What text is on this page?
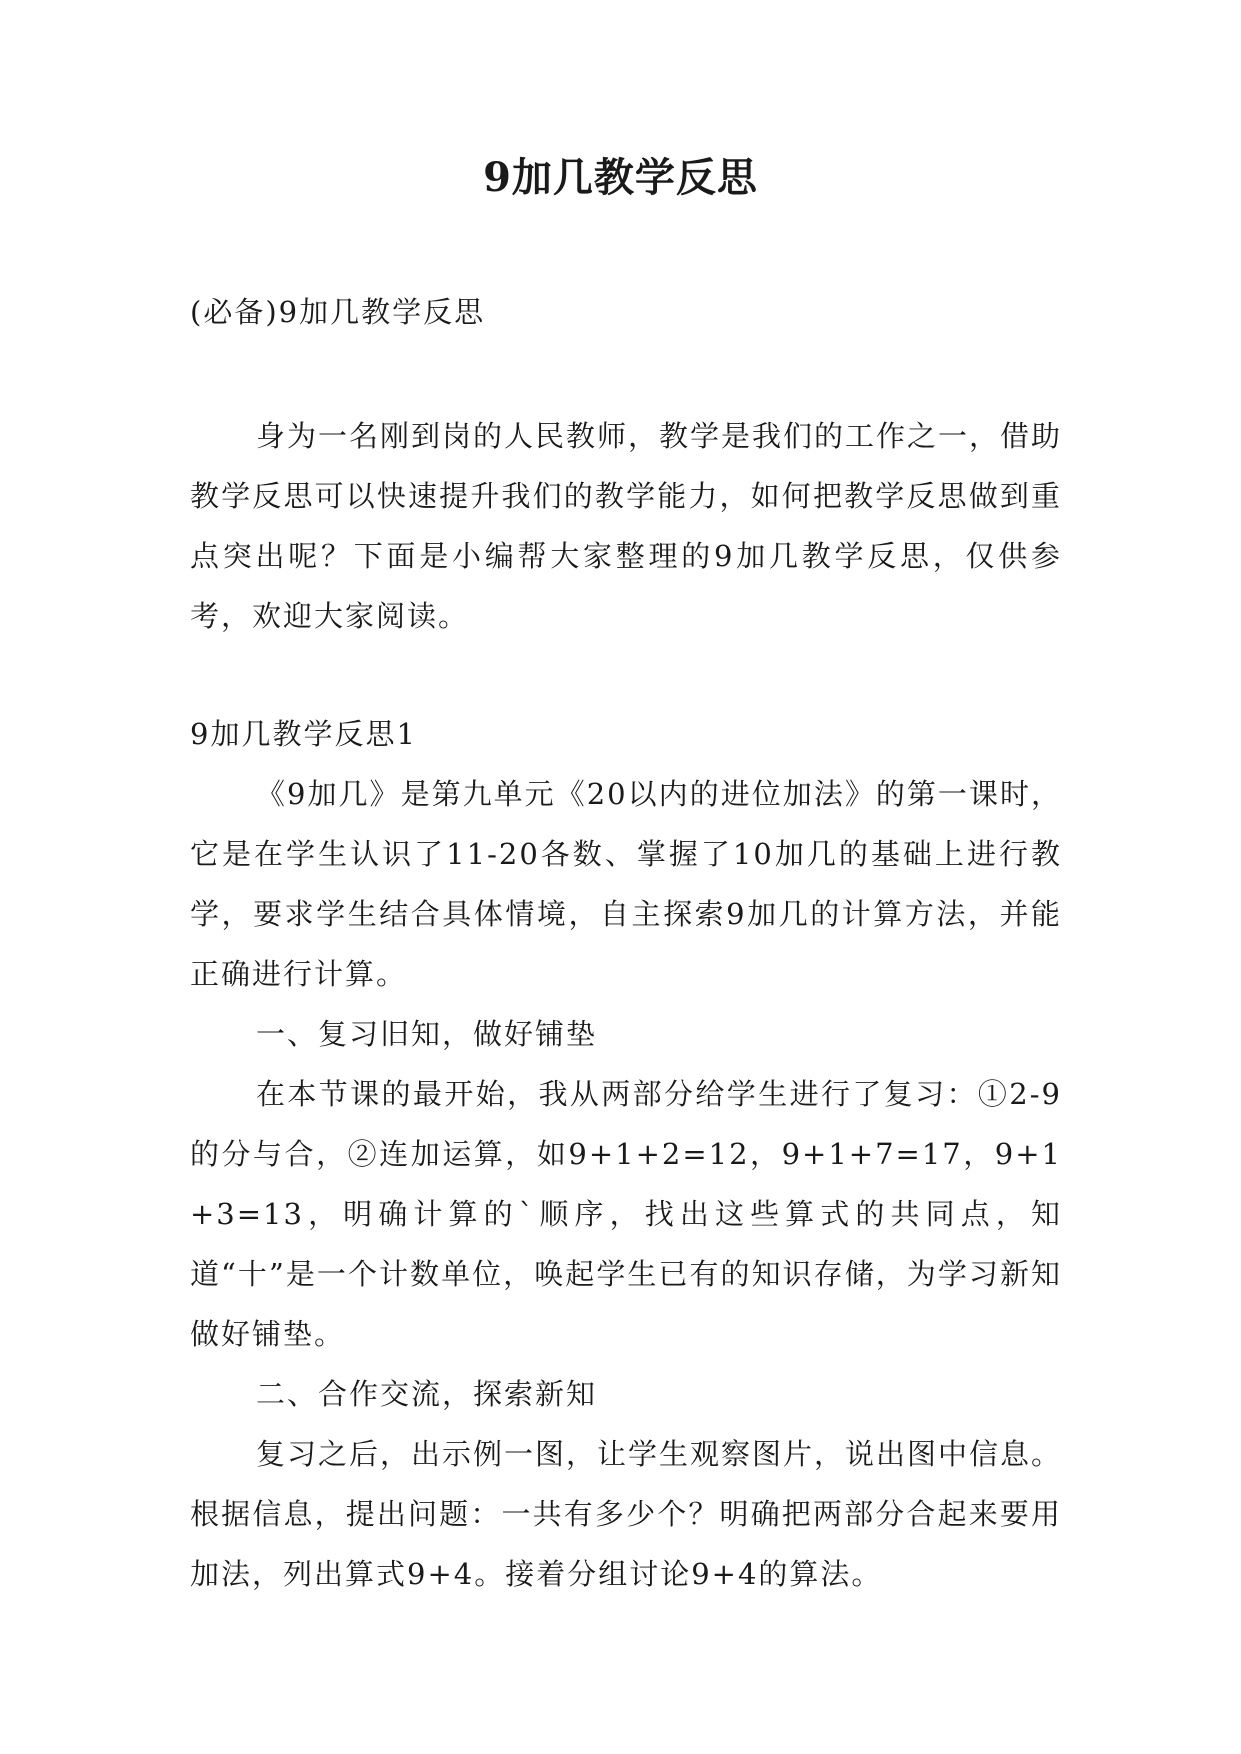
9加几教学反思

(必备)9加几教学反思

身为一名刚到岗的人民教师，教学是我们的工作之一，借助教学反思可以快速提升我们的教学能力，如何把教学反思做到重点突出呢？下面是小编帮大家整理的9加几教学反思，仅供参考，欢迎大家阅读。

9加几教学反思1

《9加几》是第九单元《20以内的进位加法》的第一课时，它是在学生认识了11-20各数、掌握了10加几的基础上进行教学，要求学生结合具体情境，自主探索9加几的计算方法，并能正确进行计算。

一、复习旧知，做好铺垫

在本节课的最开始，我从两部分给学生进行了复习：①2-9的分与合，②连加运算，如9+1+2=12，9+1+7=17，9+1+3=13，明确计算的`顺序，找出这些算式的共同点，知道“十”是一个计数单位，唤起学生已有的知识存储，为学习新知做好铺垫。

二、合作交流，探索新知

复习之后，出示例一图，让学生观察图片，说出图中信息。根据信息，提出问题：一共有多少个？明确把两部分合起来要用加法，列出算式9+4。接着分组讨论9+4的算法。
